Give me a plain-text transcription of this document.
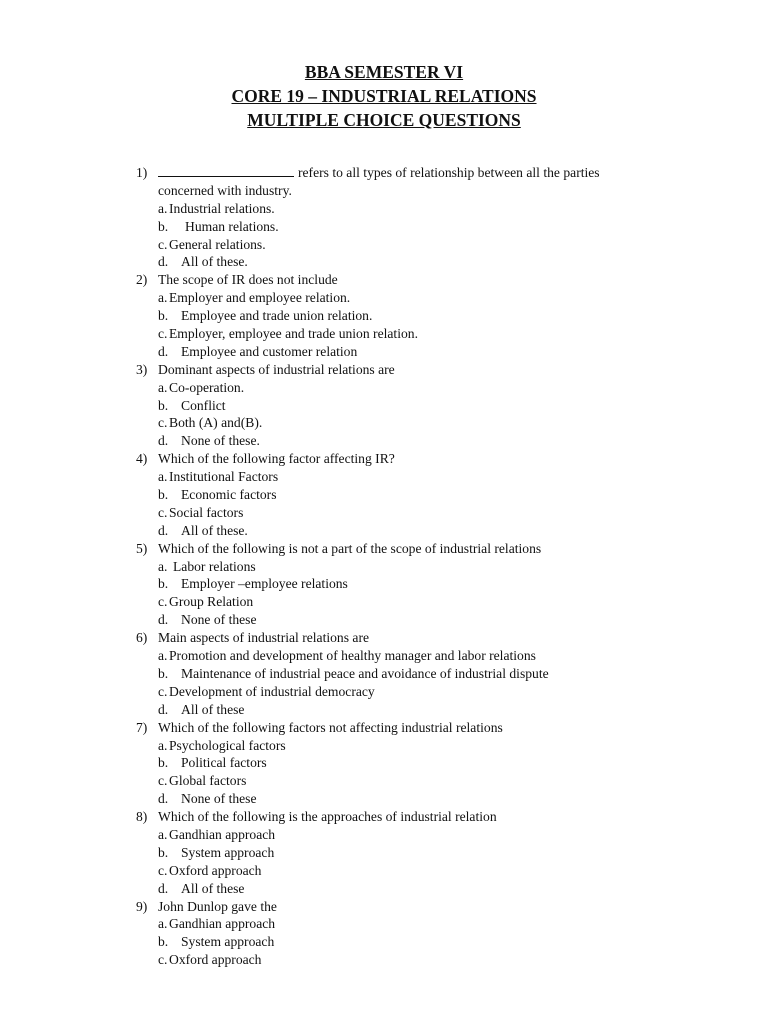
BBA SEMESTER VI
CORE 19 – INDUSTRIAL RELATIONS
MULTIPLE CHOICE QUESTIONS
1)	refers to all types of relationship between all the parties
concerned with industry.
a. Industrial relations.
b. Human relations.
c. General relations.
d. All of these.
2) The scope of IR does not include
a. Employer and employee relation.
b. Employee and trade union relation.
c. Employer, employee and trade union relation.
d. Employee and customer relation
3) Dominant aspects of industrial relations are
a. Co-operation.
b. Conflict
c. Both (A) and(B).
d. None of these.
4) Which of the following factor affecting IR?
a. Institutional Factors
b. Economic factors
c. Social factors
d. All of these.
5) Which of the following is not a part of the scope of industrial relations
a. Labor relations
b. Employer –employee relations
c. Group Relation
d. None of these
6) Main aspects of industrial relations are
a. Promotion and development of healthy manager and labor relations
b. Maintenance of industrial peace and avoidance of industrial dispute
c. Development of industrial democracy
d. All of these
7) Which of the following factors not affecting industrial relations
a. Psychological factors
b. Political factors
c. Global factors
d. None of these
8) Which of the following is the approaches of industrial relation
a. Gandhian approach
b. System approach
c. Oxford approach
d. All of these
9) John Dunlop gave the
a. Gandhian approach
b. System approach
c. Oxford approach
